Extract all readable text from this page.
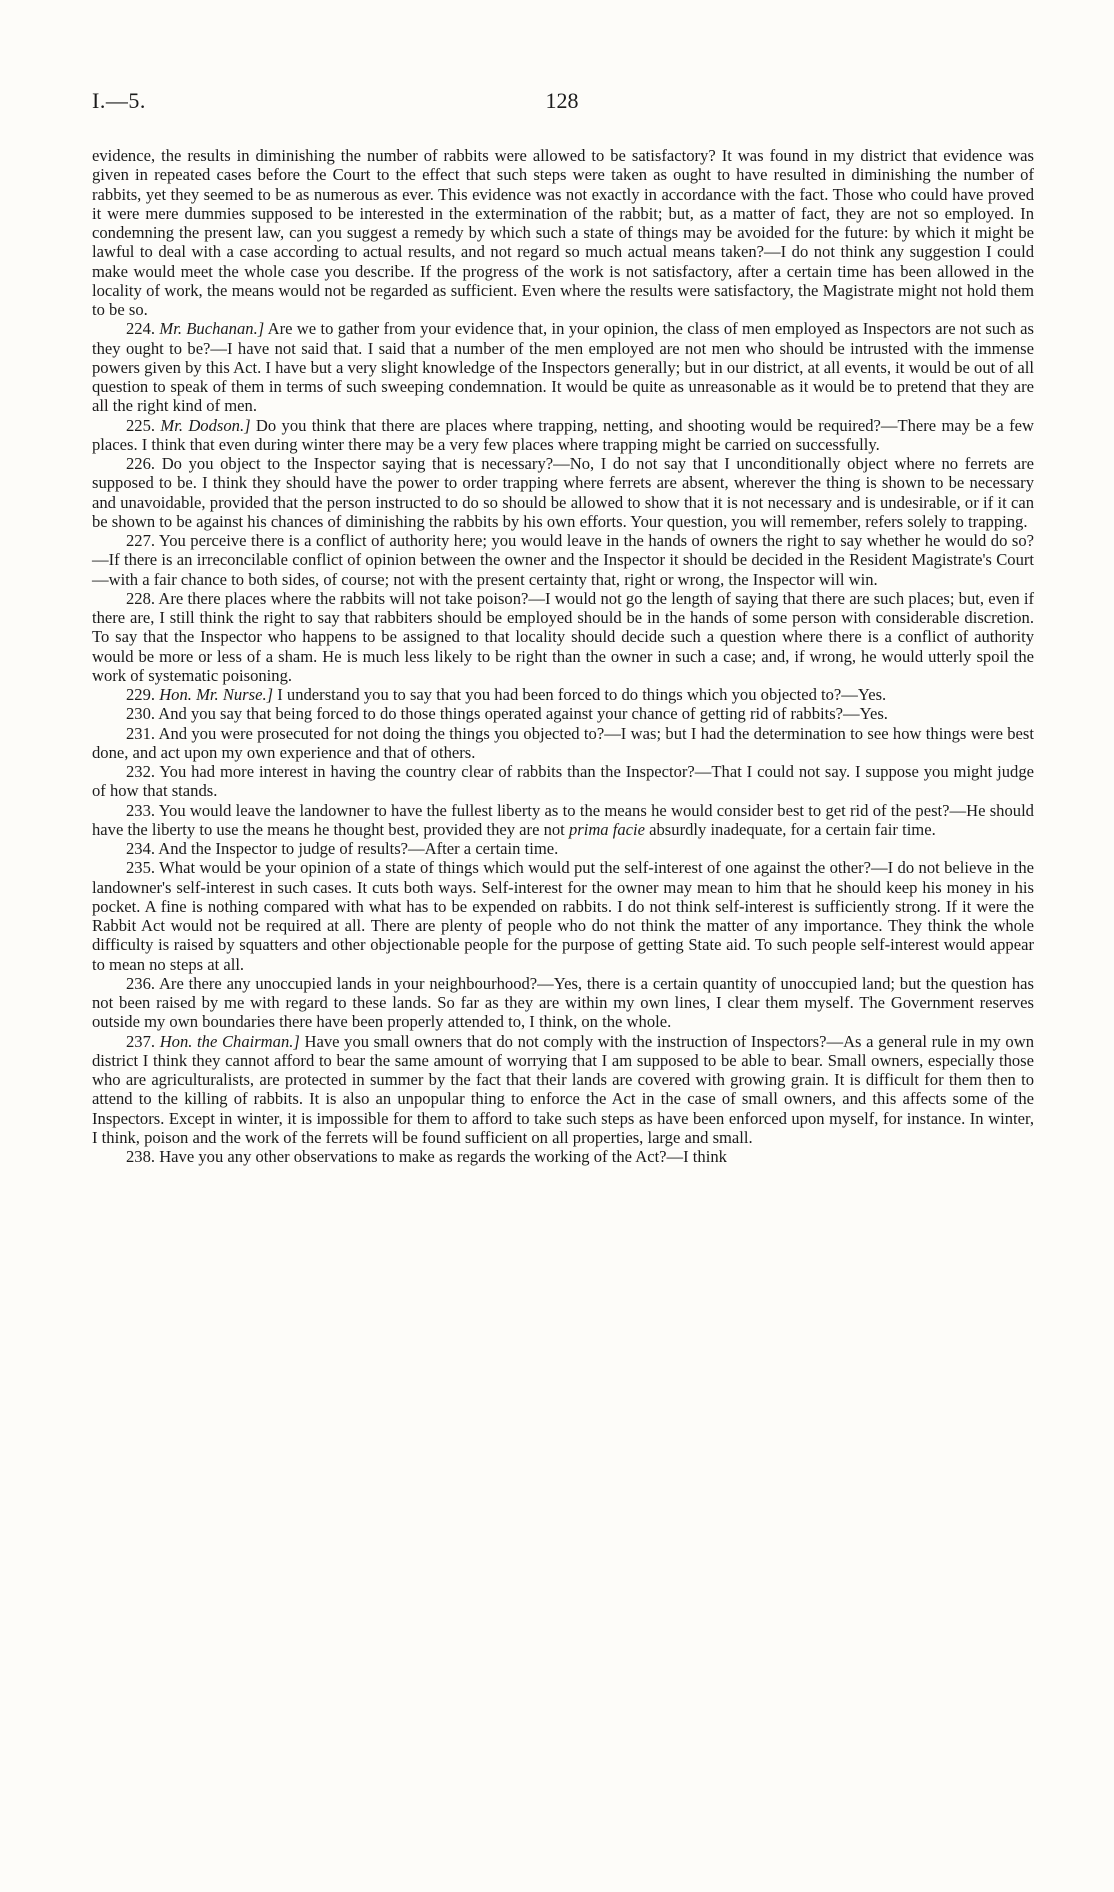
I.—5.	128

evidence, the results in diminishing the number of rabbits were allowed to be satisfactory? It was found in my district that evidence was given in repeated cases before the Court to the effect that such steps were taken as ought to have resulted in diminishing the number of rabbits, yet they seemed to be as numerous as ever. This evidence was not exactly in accordance with the fact. Those who could have proved it were mere dummies supposed to be interested in the extermination of the rabbit; but, as a matter of fact, they are not so employed. In condemning the present law, can you suggest a remedy by which such a state of things may be avoided for the future: by which it might be lawful to deal with a case according to actual results, and not regard so much actual means taken?—I do not think any suggestion I could make would meet the whole case you describe. If the progress of the work is not satisfactory, after a certain time has been allowed in the locality of work, the means would not be regarded as sufficient. Even where the results were satisfactory, the Magistrate might not hold them to be so.

224. Mr. Buchanan.] Are we to gather from your evidence that, in your opinion, the class of men employed as Inspectors are not such as they ought to be?—I have not said that. I said that a number of the men employed are not men who should be intrusted with the immense powers given by this Act. I have but a very slight knowledge of the Inspectors generally; but in our district, at all events, it would be out of all question to speak of them in terms of such sweeping condemnation. It would be quite as unreasonable as it would be to pretend that they are all the right kind of men.

225. Mr. Dodson.] Do you think that there are places where trapping, netting, and shooting would be required?—There may be a few places. I think that even during winter there may be a very few places where trapping might be carried on successfully.

226. Do you object to the Inspector saying that is necessary?—No, I do not say that I unconditionally object where no ferrets are supposed to be. I think they should have the power to order trapping where ferrets are absent, wherever the thing is shown to be necessary and unavoidable, provided that the person instructed to do so should be allowed to show that it is not necessary and is undesirable, or if it can be shown to be against his chances of diminishing the rabbits by his own efforts. Your question, you will remember, refers solely to trapping.

227. You perceive there is a conflict of authority here; you would leave in the hands of owners the right to say whether he would do so?—If there is an irreconcilable conflict of opinion between the owner and the Inspector it should be decided in the Resident Magistrate's Court—with a fair chance to both sides, of course; not with the present certainty that, right or wrong, the Inspector will win.

228. Are there places where the rabbits will not take poison?—I would not go the length of saying that there are such places; but, even if there are, I still think the right to say that rabbiters should be employed should be in the hands of some person with considerable discretion. To say that the Inspector who happens to be assigned to that locality should decide such a question where there is a conflict of authority would be more or less of a sham. He is much less likely to be right than the owner in such a case; and, if wrong, he would utterly spoil the work of systematic poisoning.

229. Hon. Mr. Nurse.] I understand you to say that you had been forced to do things which you objected to?—Yes.

230. And you say that being forced to do those things operated against your chance of getting rid of rabbits?—Yes.

231. And you were prosecuted for not doing the things you objected to?—I was; but I had the determination to see how things were best done, and act upon my own experience and that of others.

232. You had more interest in having the country clear of rabbits than the Inspector?—That I could not say. I suppose you might judge of how that stands.

233. You would leave the landowner to have the fullest liberty as to the means he would consider best to get rid of the pest?—He should have the liberty to use the means he thought best, provided they are not prima facie absurdly inadequate, for a certain fair time.

234. And the Inspector to judge of results?—After a certain time.

235. What would be your opinion of a state of things which would put the self-interest of one against the other?—I do not believe in the landowner's self-interest in such cases. It cuts both ways. Self-interest for the owner may mean to him that he should keep his money in his pocket. A fine is nothing compared with what has to be expended on rabbits. I do not think self-interest is sufficiently strong. If it were the Rabbit Act would not be required at all. There are plenty of people who do not think the matter of any importance. They think the whole difficulty is raised by squatters and other objectionable people for the purpose of getting State aid. To such people self-interest would appear to mean no steps at all.

236. Are there any unoccupied lands in your neighbourhood?—Yes, there is a certain quantity of unoccupied land; but the question has not been raised by me with regard to these lands. So far as they are within my own lines, I clear them myself. The Government reserves outside my own boundaries there have been properly attended to, I think, on the whole.

237. Hon. the Chairman.] Have you small owners that do not comply with the instruction of Inspectors?—As a general rule in my own district I think they cannot afford to bear the same amount of worrying that I am supposed to be able to bear. Small owners, especially those who are agriculturalists, are protected in summer by the fact that their lands are covered with growing grain. It is difficult for them then to attend to the killing of rabbits. It is also an unpopular thing to enforce the Act in the case of small owners, and this affects some of the Inspectors. Except in winter, it is impossible for them to afford to take such steps as have been enforced upon myself, for instance. In winter, I think, poison and the work of the ferrets will be found sufficient on all properties, large and small.

238. Have you any other observations to make as regards the working of the Act?—I think
